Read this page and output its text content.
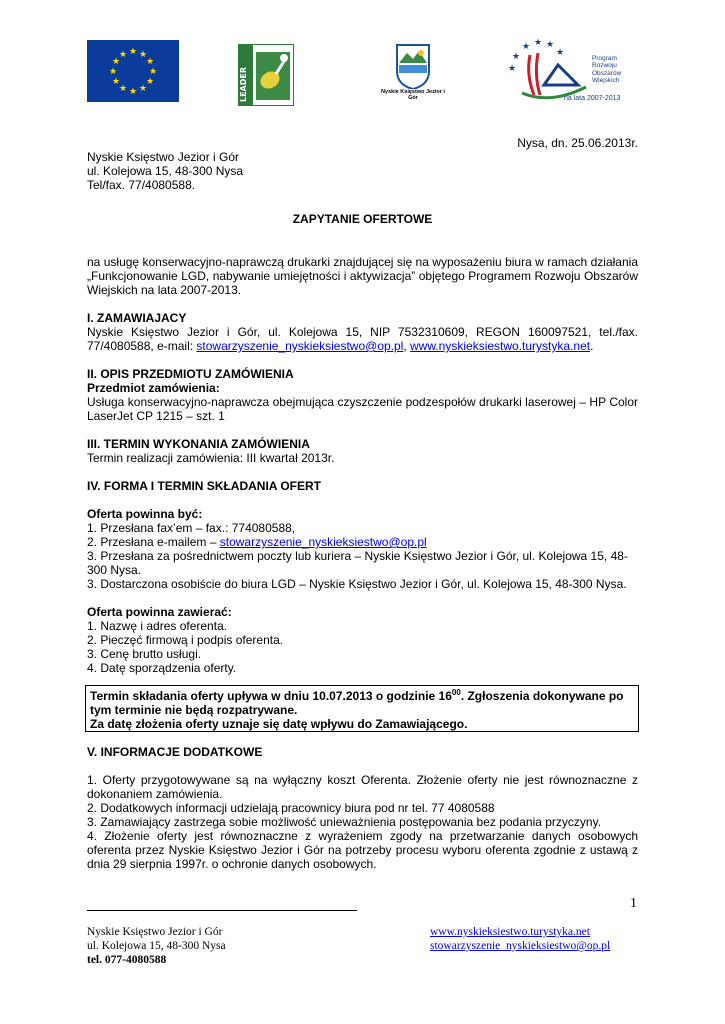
★ ★
★
★
★
★
★
★
★
★
★
★
LEADER	Nyskie Księstwo Jezior i Gór
★ ★ ★
★
★
★
Program
Rozwoju
Obszarów
Wiejskich
na lata 2007-2013
Nysa, dn. 25.06.2013r.
Nyskie Księstwo Jezior i Gór
ul. Kolejowa 15, 48-300 Nysa
Tel/fax. 77/4080588.
ZAPYTANIE OFERTOWE

na usługę konserwacyjno-naprawczą drukarki znajdującej się na wyposażeniu biura w ramach działania „Funkcjonowanie LGD, nabywanie umiejętności i aktywizacja” objętego Programem Rozwoju Obszarów Wiejskich na lata 2007-2013.

I. ZAMAWIAJACY

Nyskie Księstwo Jezior i Gór, ul. Kolejowa 15, NIP 7532310609, REGON 160097521, tel./fax. 77/4080588, e-mail: stowarzyszenie_nyskieksiestwo@op.pl, www.nyskieksiestwo.turystyka.net.

II. OPIS PRZEDMIOTU ZAMÓWIENIA
Przedmiot zamówienia:

Usługa konserwacyjno-naprawcza obejmująca czyszczenie podzespołów drukarki laserowej – HP Color LaserJet CP 1215 – szt. 1

III. TERMIN WYKONANIA ZAMÓWIENIA
Termin realizacji zamówienia: III kwartał 2013r.
IV. FORMA I TERMIN SKŁADANIA OFERT
Oferta powinna być:
1. Przesłana fax’em – fax.: 774080588,
2. Przesłana e-mailem – stowarzyszenie_nyskieksiestwo@op.pl

3. Przesłana za pośrednictwem poczty lub kuriera – Nyskie Księstwo Jezior i Gór, ul. Kolejowa 15, 48-300 Nysa.

3. Dostarczona osobiście do biura LGD – Nyskie Księstwo Jezior i Gór, ul. Kolejowa 15, 48-300 Nysa.
Oferta powinna zawierać:
1. Nazwę i adres oferenta.
2. Pieczęć firmową i podpis oferenta.
3. Cenę brutto usługi.
4. Datę sporządzenia oferty.
Termin składania oferty upływa w dniu 10.07.2013 o godzinie $16^{00}$. Zgłoszenia dokonywane po tym terminie nie będą rozpatrywane.
Za datę złożenia oferty uznaje się datę wpływu do Zamawiającego.
V. INFORMACJE DODATKOWE

1. Oferty przygotowywane są na wyłączny koszt Oferenta. Złożenie oferty nie jest równoznaczne z dokonaniem zamówienia.

2. Dodatkowych informacji udzielają pracownicy biura pod nr tel. 77 4080588

3. Zamawiający zastrzega sobie możliwość unieważnienia postępowania bez podania przyczyny.

4. Złożenie oferty jest równoznaczne z wyrażeniem zgody na przetwarzanie danych osobowych oferenta przez Nyskie Księstwo Jezior i Gór na potrzeby procesu wyboru oferenta zgodnie z ustawą z dnia 29 sierpnia 1997r. o ochronie danych osobowych.

1
Nyskie Księstwo Jezior i Gór
ul. Kolejowa 15, 48-300 Nysa
tel. 077-4080588
www.nyskieksiestwo.turystyka.net
stowarzyszenie_nyskieksiestwo@op.pl
